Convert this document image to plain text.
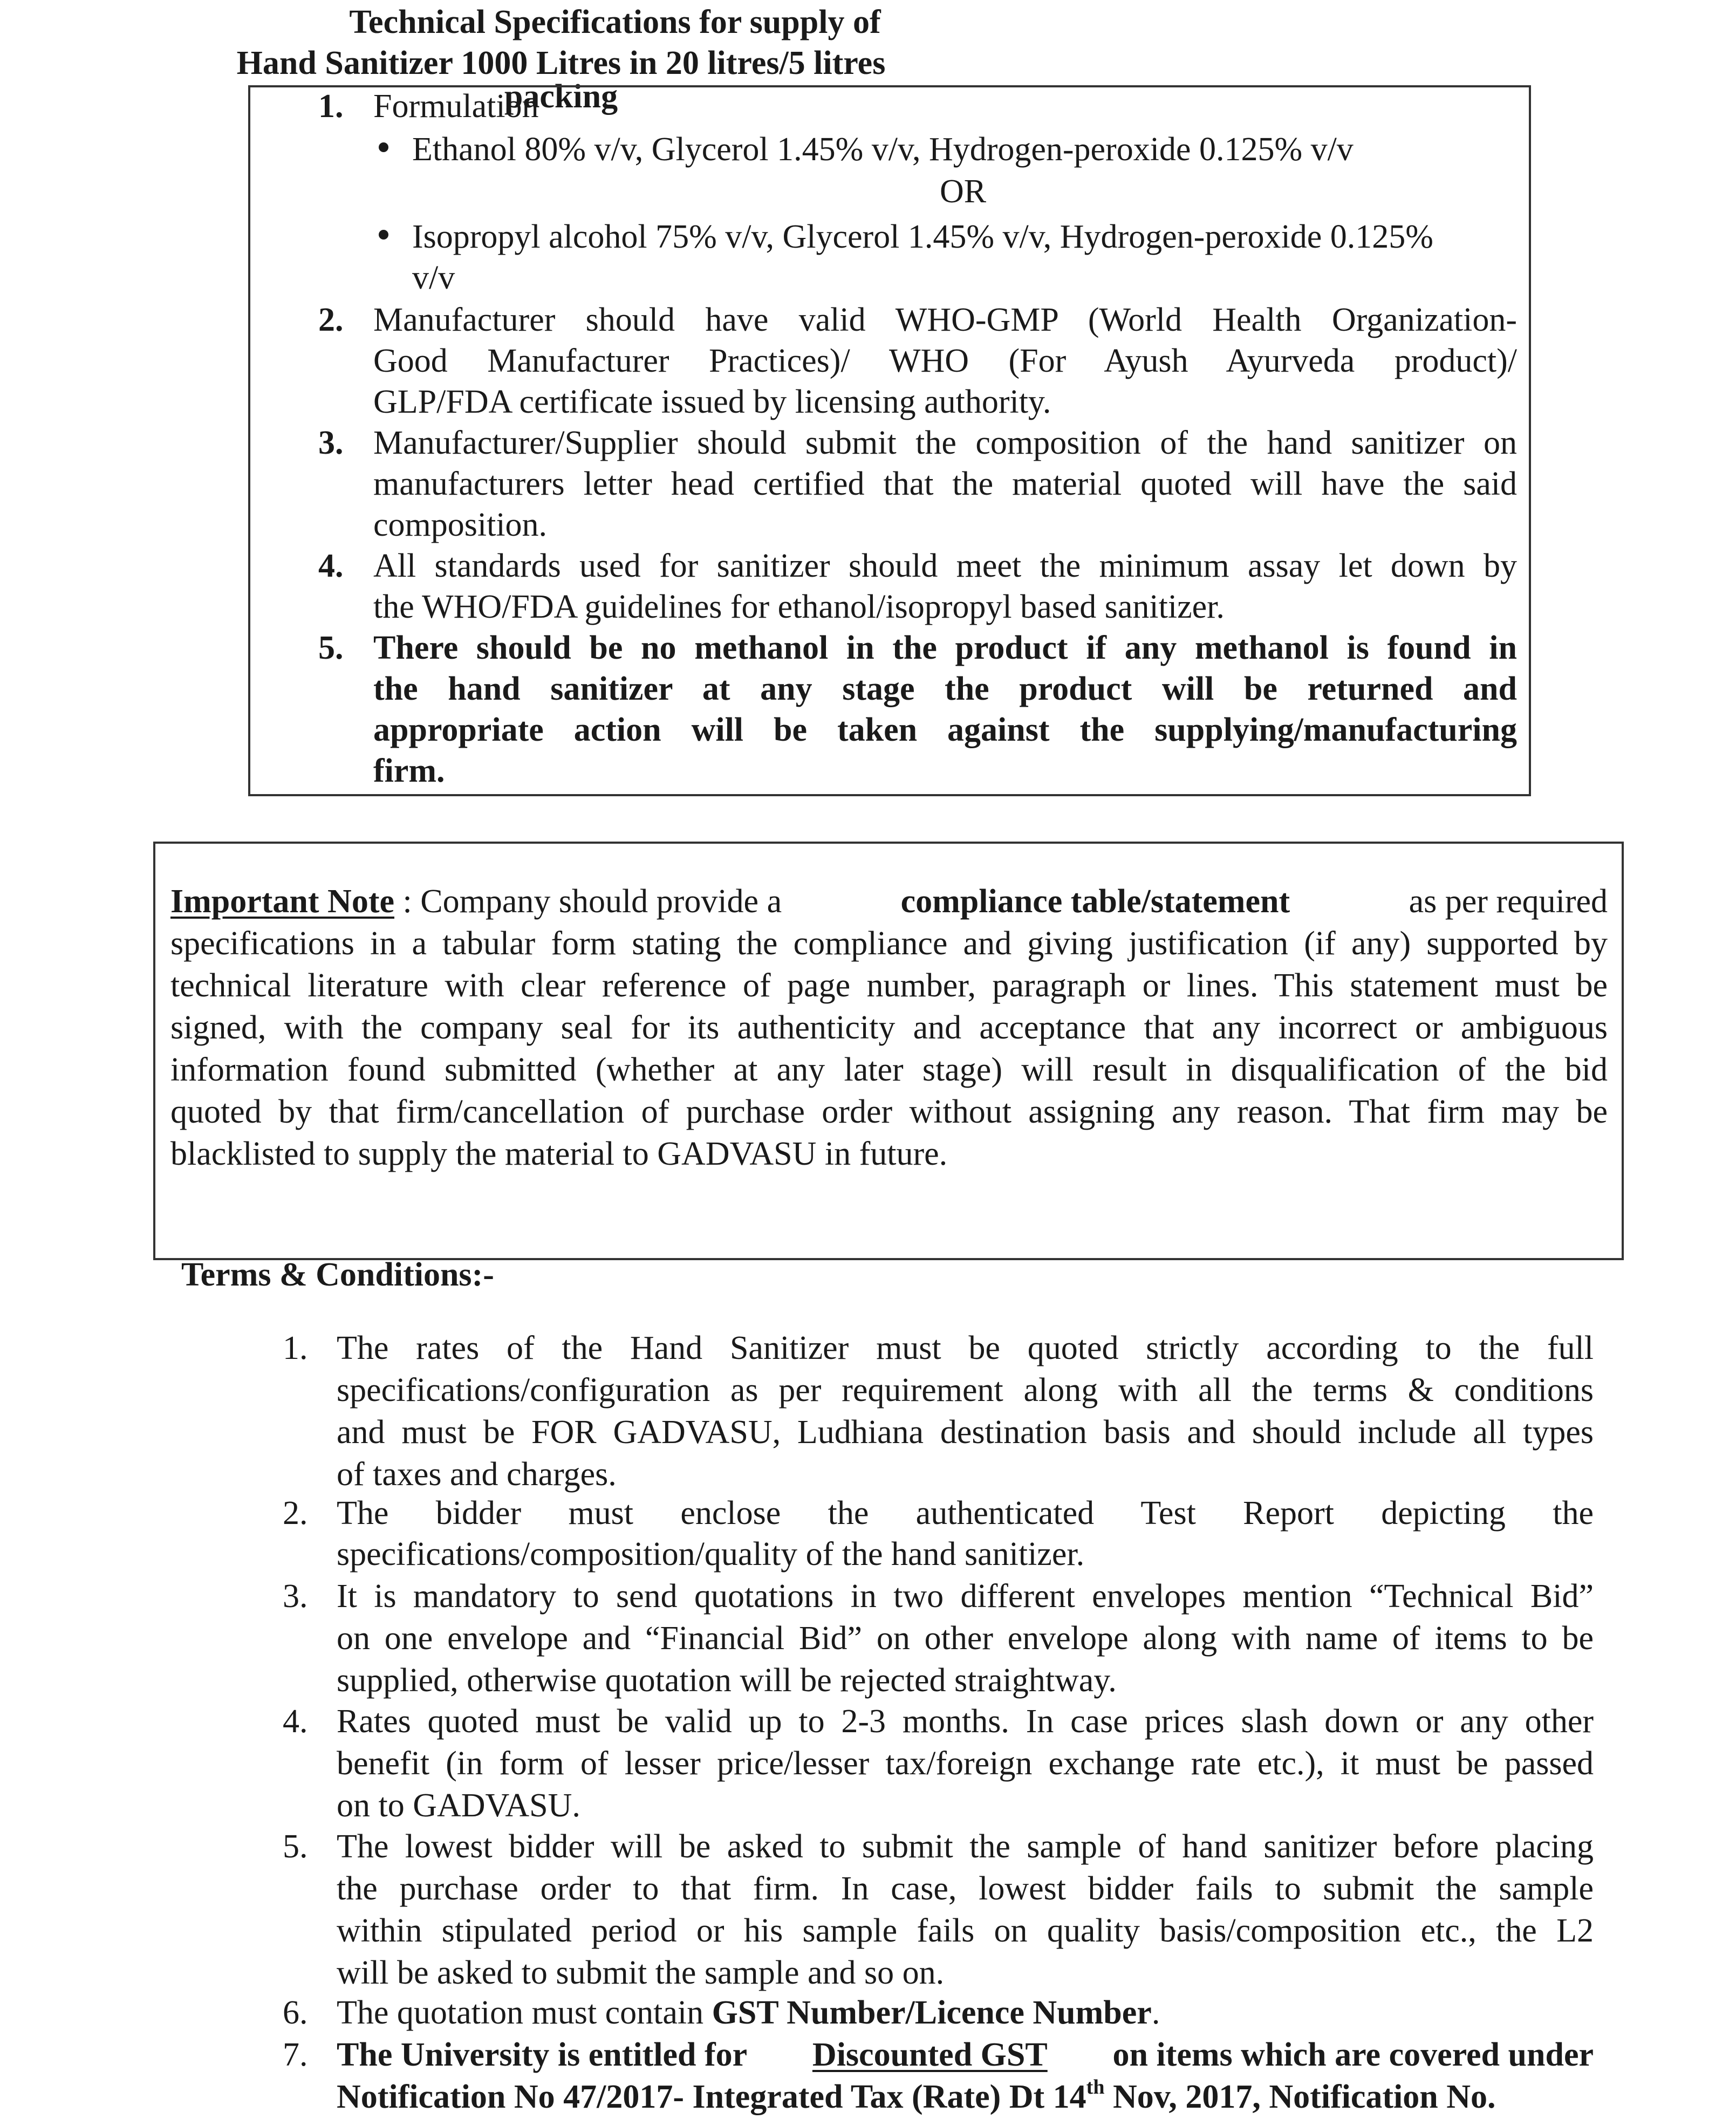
Technical Specifications for supply of
Hand Sanitizer 1000 Litres in 20 litres/5 litres packing
1. Formulation
Ethanol 80% v/v, Glycerol 1.45% v/v, Hydrogen-peroxide 0.125% v/v
OR
Isopropyl alcohol 75% v/v, Glycerol 1.45% v/v, Hydrogen-peroxide 0.125%
v/v
2. Manufacturer should have valid WHO-GMP (World Health Organization-
Good Manufacturer Practices)/ WHO (For Ayush Ayurveda product)/
GLP/FDA certificate issued by licensing authority.
3. Manufacturer/Supplier should submit the composition of the hand sanitizer on
manufacturers letter head certified that the material quoted will have the said
composition.
4. All standards used for sanitizer should meet the minimum assay let down by
the WHO/FDA guidelines for ethanol/isopropyl based sanitizer.
5. There should be no methanol in the product if any methanol is found in
the hand sanitizer at any stage the product will be returned and
appropriate action will be taken against the supplying/manufacturing
firm.
Important Note : Company should provide a	compliance table/statement	as per required
specifications in a tabular form stating the compliance and giving justification (if any) supported by
technical literature with clear reference of page number, paragraph or lines. This statement must be
signed, with the company seal for its authenticity and acceptance that any incorrect or ambiguous
information found submitted (whether at any later stage) will result in disqualification of the bid
quoted by that firm/cancellation of purchase order without assigning any reason. That firm may be
blacklisted to supply the material to GADVASU in future.
Terms & Conditions:-
1. The rates of the Hand Sanitizer must be quoted strictly according to the full
specifications/configuration as per requirement along with all the terms & conditions
and must be FOR GADVASU, Ludhiana destination basis and should include all types
of taxes and charges.
2. The bidder must enclose the authenticated Test Report depicting the
specifications/composition/quality of the hand sanitizer.
3. It is mandatory to send quotations in two different envelopes mention “Technical Bid”
on one envelope and “Financial Bid” on other envelope along with name of items to be
supplied, otherwise quotation will be rejected straightway.
4. Rates quoted must be valid up to 2-3 months. In case prices slash down or any other
benefit (in form of lesser price/lesser tax/foreign exchange rate etc.), it must be passed
on to GADVASU.
5. The lowest bidder will be asked to submit the sample of hand sanitizer before placing
the purchase order to that firm. In case, lowest bidder fails to submit the sample
within stipulated period or his sample fails on quality basis/composition etc., the L2
will be asked to submit the sample and so on.
6. The quotation must contain GST Number/Licence Number.
7. The University is entitled for Discounted GST on items which are covered under
Notification No 47/2017- Integrated Tax (Rate) Dt 14th Nov, 2017, Notification No.
